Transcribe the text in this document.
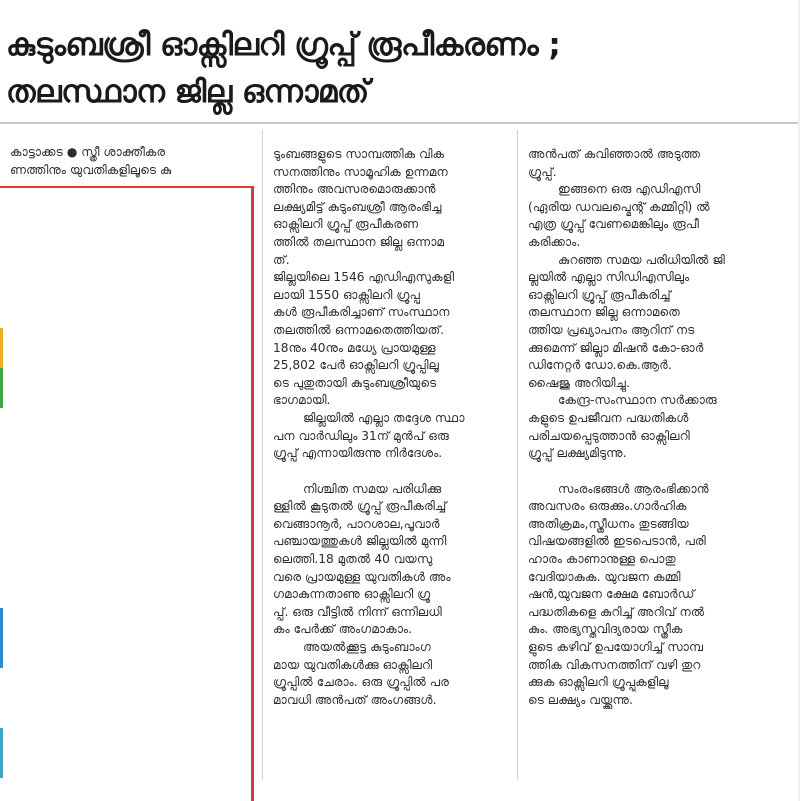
കുടുംബശ്രീ ഓക്സിലറി ഗ്രൂപ്പ് രൂപീകരണം ;
തലസ്ഥാന ജില്ല ഒന്നാമത്

കാട്ടാക്കട ● സ്ത്രീ ശാക്തീകര

ണത്തിനും യുവതികളിലൂടെ കു

ടുംബങ്ങളുടെ സാമ്പത്തിക വിക

സനത്തിനും സാമൂഹിക ഉന്നമന

ത്തിനും അവസരമൊരുക്കാൻ

ലക്ഷ്യമിട്ട് കുടുംബശ്രീ ആരംഭിച്ച

ഓക്സിലറി ഗ്രൂപ്പ് രൂപീകരണ

ത്തിൽ തലസ്ഥാന ജില്ല ഒന്നാമ

ത്.

ജില്ലയിലെ 1546 എഡിഎസുകളി

ലായി 1550 ഓക്സിലറി ഗ്രൂപ്പു

കൾ രൂപീകരിച്ചാണ് സംസ്ഥാന

തലത്തിൽ ഒന്നാമതെത്തിയത്.

18നും 40നും മധ്യേ പ്രായമുള്ള

25,802 പേർ ഓക്സിലറി ഗ്രൂപ്പിലൂ

ടെ പുതുതായി കുടുംബശ്രീയുടെ

ഭാഗമായി.

ജില്ലയിൽ എല്ലാ തദ്ദേശ സ്ഥാ

പന വാർഡിലും 31ന് മുൻപ് ഒരു

ഗ്രൂപ്പ് എന്നായിരുന്നു നിർദേശം.

നിശ്ചിത സമയ പരിധിക്കു

ള്ളിൽ കൂടുതൽ ഗ്രൂപ്പ് രൂപീകരിച്ച്

വെങ്ങാനൂർ, പാറശാല,പൂവാർ

പഞ്ചായത്തുകൾ ജില്ലയിൽ മുന്നി

ലെത്തി.18 മുതൽ 40 വയസു

വരെ പ്രായമുള്ള യുവതികൾ അം

ഗമാകുന്നതാണു ഓക്സിലറി ഗ്രൂ

പ്പ്. ഒരു വീട്ടിൽ നിന്ന് ഒന്നിലധി

കം പേർക്ക് അംഗമാകാം.

അയൽക്കൂട്ട കുടുംബാംഗ

മായ യുവതികൾക്കു ഓക്സിലറി

ഗ്രൂപ്പിൽ ചേരാം. ഒരു ഗ്രൂപ്പിൽ പര

മാവധി അൻപത് അംഗങ്ങൾ.

അൻപത് കവിഞ്ഞാൽ അടുത്ത

ഗ്രൂപ്പ്.

ഇങ്ങനെ ഒരു എഡിഎസി

(ഏരിയ ഡവലപ്മെന്റ് കമ്മിറ്റി) ൽ

എത്ര ഗ്രൂപ്പ് വേണമെങ്കിലും രൂപീ

കരിക്കാം.

കുറഞ്ഞ സമയ പരിധിയിൽ ജി

ല്ലയിൽ എല്ലാ സിഡിഎസിലും

ഓക്സിലറി ഗ്രൂപ്പ് രൂപീകരിച്ച്

തലസ്ഥാന ജില്ല ഒന്നാമതെ

ത്തിയ പ്രഖ്യാപനം ആറിന് നട

ക്കുമെന്ന് ജില്ലാ മിഷൻ കോ-ഓർ

ഡിനേറ്റർ ഡോ.കെ.ആർ.

ഷൈജു അറിയിച്ചു.

കേന്ദ്ര-സംസ്ഥാന സർക്കാരു

കളുടെ ഉപജീവന പദ്ധതികൾ

പരിചയപ്പെടുത്താൻ ഓക്സിലറി

ഗ്രൂപ്പ് ലക്ഷ്യമിടുന്നു.

സംരംഭങ്ങൾ ആരംഭിക്കാൻ

അവസരം ഒരുക്കും.ഗാർഹിക

അതിക്രമം,സ്ത്രീധനം തുടങ്ങിയ

വിഷയങ്ങളിൽ ഇടപെടാൻ, പരി

ഹാരം കാണാനുള്ള പൊതു

വേദിയാകുക. യുവജന കമ്മി

ഷൻ,യുവജന ക്ഷേമ ബോർഡ്

പദ്ധതികളെ കുറിച്ച് അറിവ് നൽ

കും. അഭ്യസ്തവിദ്യരായ സ്ത്രീക

ളുടെ കഴിവ് ഉപയോഗിച്ച് സാമ്പ

ത്തിക വികസനത്തിന് വഴി തുറ

ക്കുക ഓക്സിലറി ഗ്രൂപ്പുകളിലൂ

ടെ ലക്ഷ്യം വയ്ക്കുന്നു.
